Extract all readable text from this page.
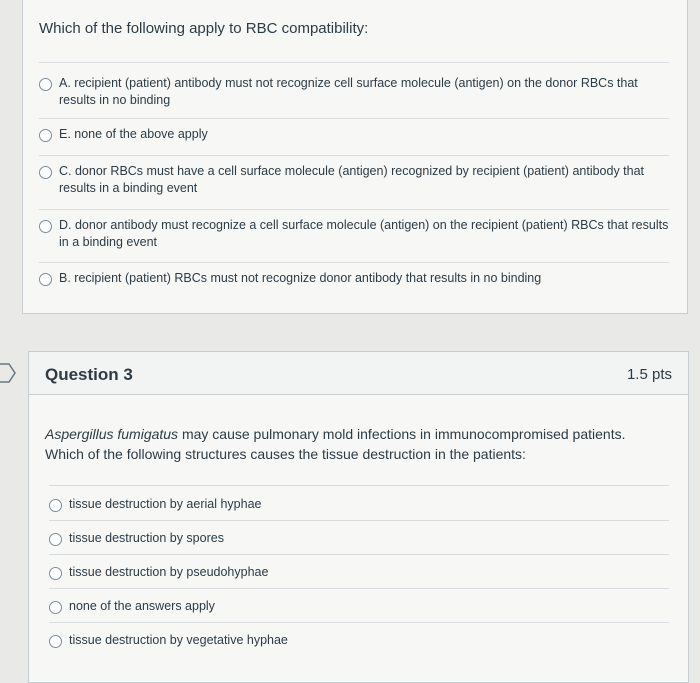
Which of the following apply to RBC compatibility:
A. recipient (patient) antibody must not recognize cell surface molecule (antigen) on the donor RBCs that results in no binding
E. none of the above apply
C. donor RBCs must have a cell surface molecule (antigen) recognized by recipient (patient) antibody that results in a binding event
D. donor antibody must recognize a cell surface molecule (antigen) on the recipient (patient) RBCs that results in a binding event
B. recipient (patient) RBCs must not recognize donor antibody that results in no binding
Question 3	1.5 pts
Aspergillus fumigatus may cause pulmonary mold infections in immunocompromised patients. Which of the following structures causes the tissue destruction in the patients:
tissue destruction by aerial hyphae
tissue destruction by spores
tissue destruction by pseudohyphae
none of the answers apply
tissue destruction by vegetative hyphae
